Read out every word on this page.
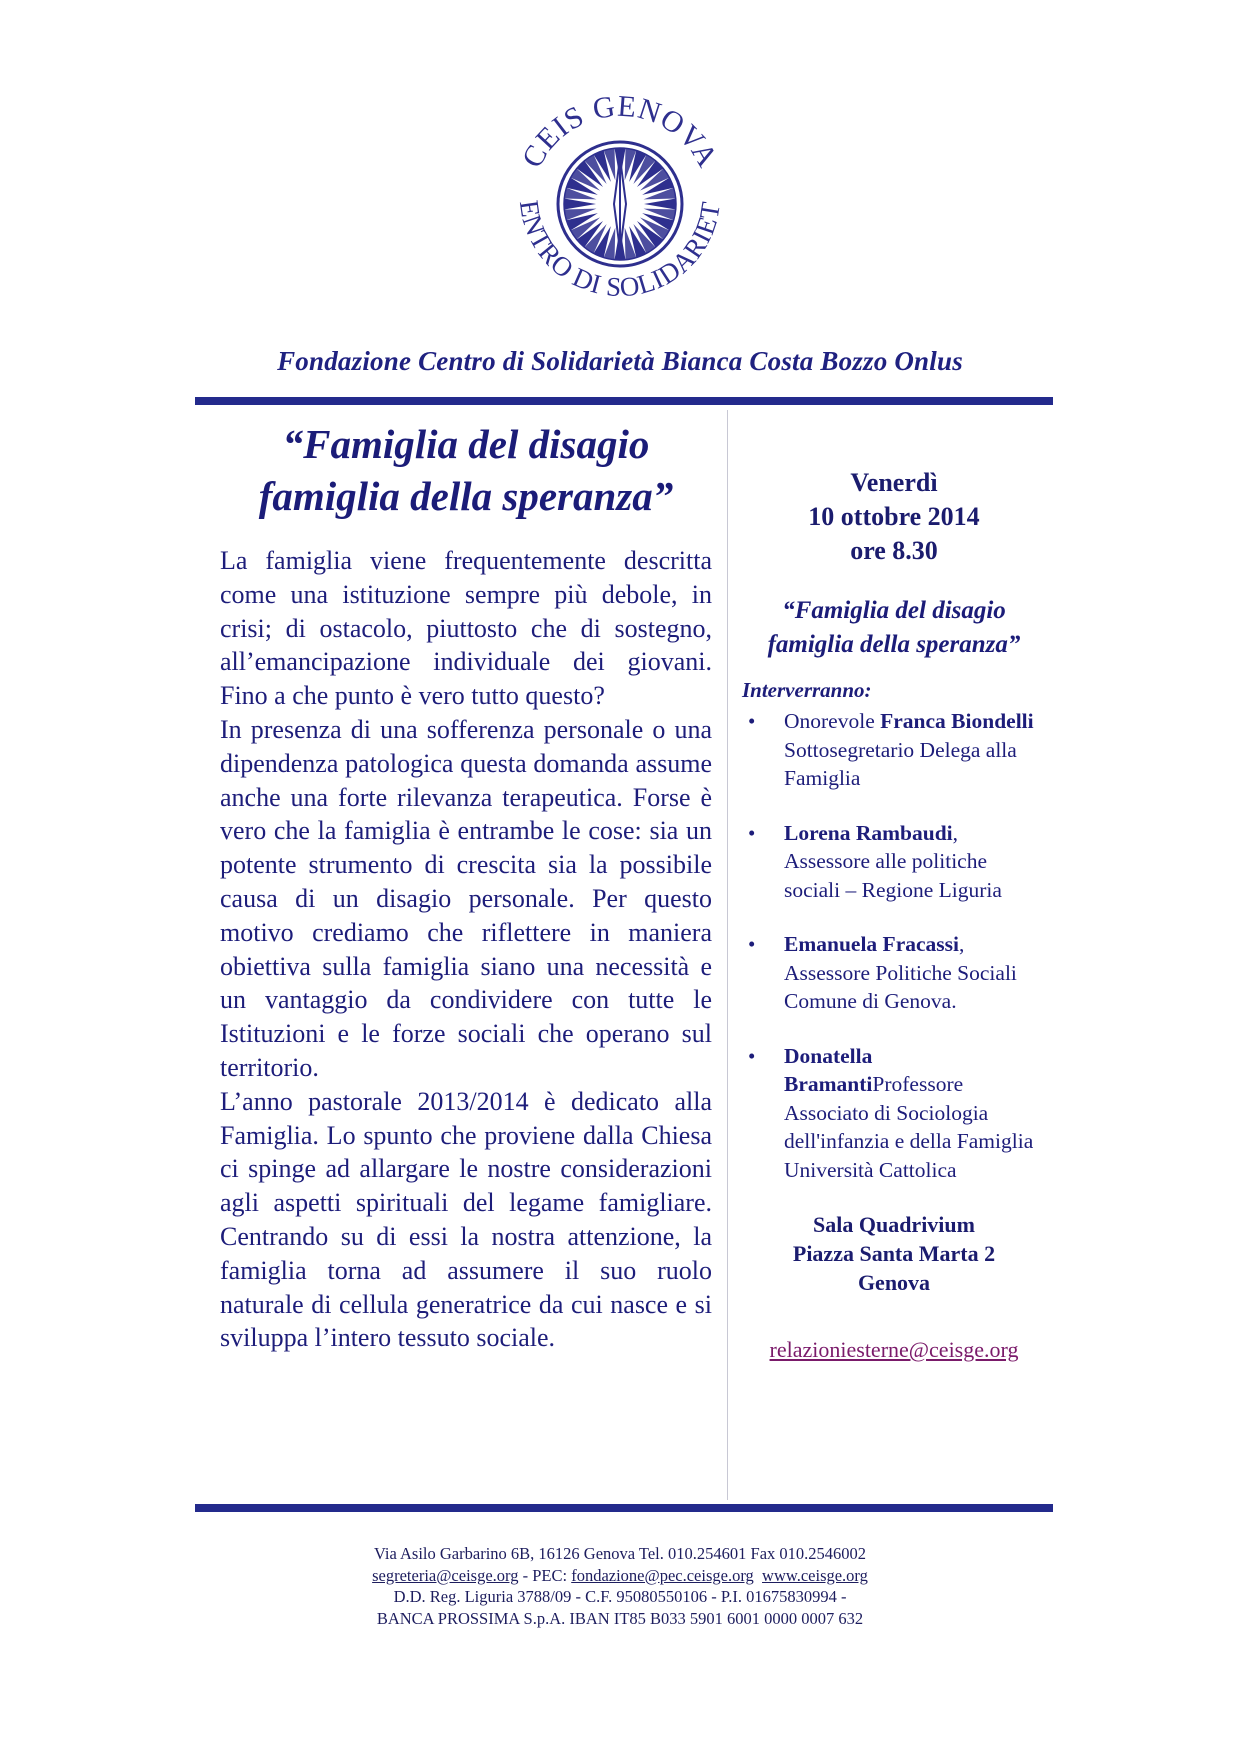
CEIS GENOVA
ENTRO DI SOLIDARIET
Fondazione Centro di Solidarietà Bianca Costa Bozzo Onlus
“Famiglia del disagio
famiglia della speranza”

La famiglia viene frequentemente descritta come una istituzione sempre più debole, in crisi; di ostacolo, piuttosto che di sostegno, all’emancipazione individuale dei giovani. Fino a che punto è vero tutto questo?

In presenza di una sofferenza personale o una dipendenza patologica questa domanda assume anche una forte rilevanza terapeutica. Forse è vero che la famiglia è entrambe le cose: sia un potente strumento di crescita sia la possibile causa di un disagio personale. Per questo motivo crediamo che riflettere in maniera obiettiva sulla famiglia siano una necessità e un vantaggio da condividere con tutte le Istituzioni e le forze sociali che operano sul territorio.

L’anno pastorale 2013/2014 è dedicato alla Famiglia. Lo spunto che proviene dalla Chiesa ci spinge ad allargare le nostre considerazioni agli aspetti spirituali del legame famigliare. Centrando su di essi la nostra attenzione, la famiglia torna ad assumere il suo ruolo naturale di cellula generatrice da cui nasce e si sviluppa l’intero tessuto sociale.

Venerdì
10 ottobre 2014
ore 8.30
“Famiglia del disagio
famiglia della speranza”
Interverranno:
• Onorevole Franca Biondelli Sottosegretario Delega alla Famiglia
• Lorena Rambaudi, Assessore alle politiche sociali – Regione Liguria
• Emanuela Fracassi, Assessore Politiche Sociali Comune di Genova.
• Donatella BramantiProfessore Associato di Sociologia dell'infanzia e della Famiglia Università Cattolica
Sala Quadrivium
Piazza Santa Marta 2
Genova
relazioniesterne@ceisge.org
Via Asilo Garbarino 6B, 16126 Genova Tel. 010.254601 Fax 010.2546002
segreteria@ceisge.org - PEC: fondazione@pec.ceisge.org www.ceisge.org
D.D. Reg. Liguria 3788/09 - C.F. 95080550106 - P.I. 01675830994 -
BANCA PROSSIMA S.p.A. IBAN IT85 B033 5901 6001 0000 0007 632
